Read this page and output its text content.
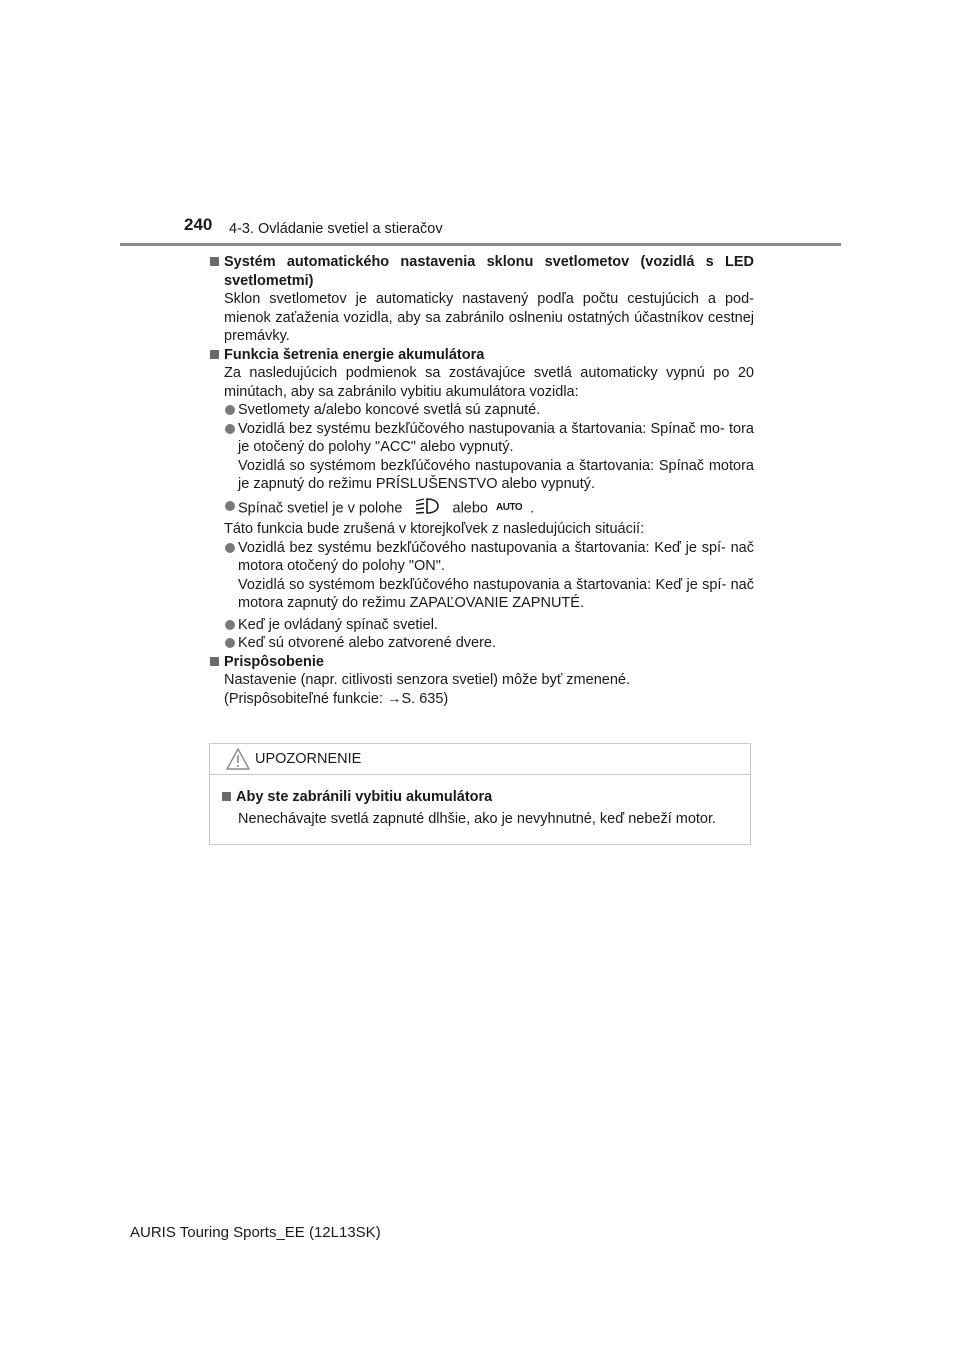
240 4-3. Ovládanie svetiel a stieračov

Systém automatického nastavenia sklonu svetlometov (vozidlá s LED svetlometmi)

Sklon svetlometov je automaticky nastavený podľa počtu cestujúcich a pod- mienok zaťaženia vozidla, aby sa zabránilo oslneniu ostatných účastníkov cestnej premávky.

Funkcia šetrenia energie akumulátora

Za nasledujúcich podmienok sa zostávajúce svetlá automaticky vypnú po 20 minútach, aby sa zabránilo vybitiu akumulátora vozidla:

Svetlomety a/alebo koncové svetlá sú zapnuté.

Vozidlá bez systému bezkľúčového nastupovania a štartovania: Spínač mo- tora je otočený do polohy "ACC" alebo vypnutý.
Vozidlá so systémom bezkľúčového nastupovania a štartovania: Spínač motora je zapnutý do režimu PRÍSLUŠENSTVO alebo vypnutý.

Spínač svetiel je v polohe	alebo AUTO .

Táto funkcia bude zrušená v ktorejkoľvek z nasledujúcich situácií:

Vozidlá bez systému bezkľúčového nastupovania a štartovania: Keď je spí- nač motora otočený do polohy "ON".
Vozidlá so systémom bezkľúčového nastupovania a štartovania: Keď je spí- nač motora zapnutý do režimu ZAPAĽOVANIE ZAPNUTÉ.

Keď je ovládaný spínač svetiel.

Keď sú otvorené alebo zatvorené dvere.

Prispôsobenie

Nastavenie (napr. citlivosti senzora svetiel) môže byť zmenené.
(Prispôsobiteľné funkcie: →S. 635)
UPOZORNENIE

Aby ste zabránili vybitiu akumulátora

Nenechávajte svetlá zapnuté dlhšie, ako je nevyhnutné, keď nebeží motor.

AURIS Touring Sports_EE (12L13SK)
